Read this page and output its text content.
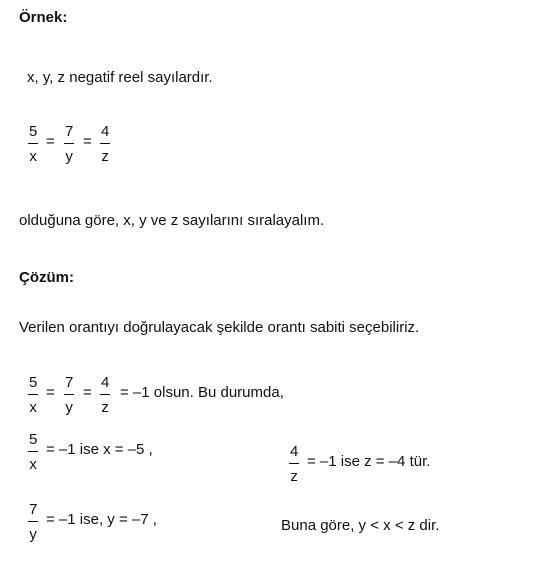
Örnek:
x, y, z negatif reel sayılardır.
5
x
=
7
y
=
4
z
olduğuna göre, x, y ve z sayılarını sıralayalım.
Çözüm:
Verilen orantıyı doğrulayacak şekilde orantı sabiti seçebiliriz.
5
x
=
7
y
=
4
z
= –1 olsun. Bu durumda,
5
x
= –1 ise x = –5 ,	4
z
= –1 ise z = –4 tür.
7
y
= –1 ise, y = –7 ,	Buna göre, y < x < z dir.
